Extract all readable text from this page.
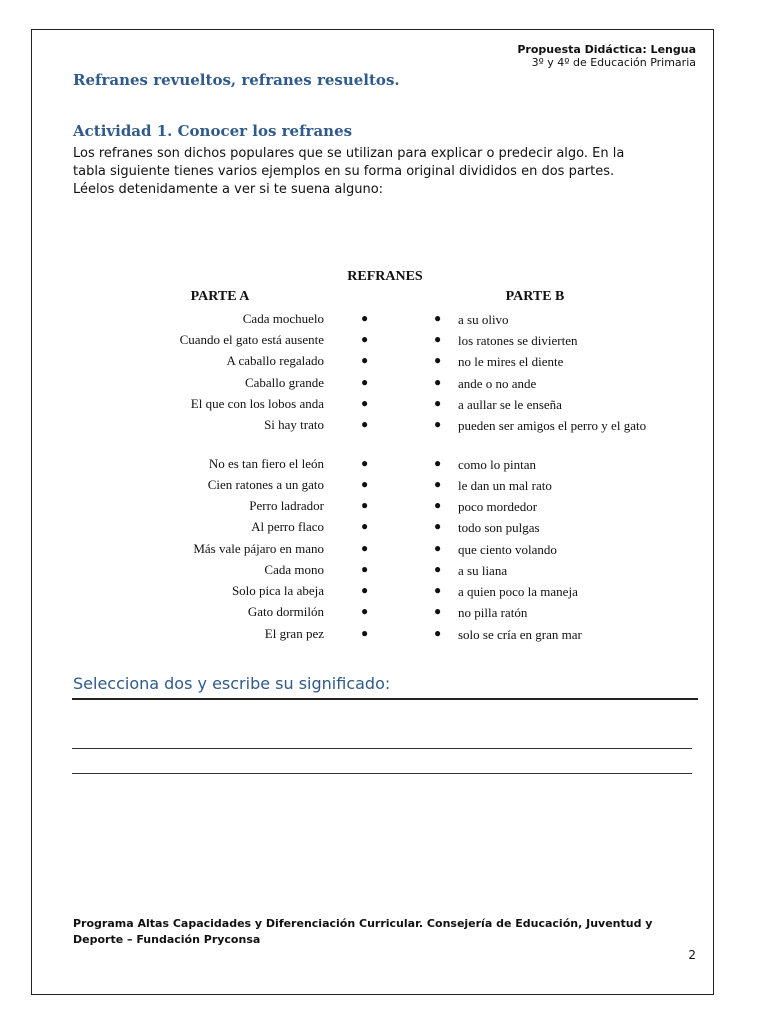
Propuesta Didáctica: Lengua
3º y 4º de Educación Primaria
Refranes revueltos, refranes resueltos.
Actividad 1. Conocer los refranes
Los refranes son dichos populares que se utilizan para explicar o predecir algo. En la
tabla siguiente tienes varios ejemplos en su forma original divididos en dos partes.
Léelos detenidamente a ver si te suena alguno:
REFRANES
PARTE A	PARTE B
Cada mochuelo	●	● a su olivo
Cuando el gato está ausente	●	● los ratones se divierten
A caballo regalado	●	● no le mires el diente
Caballo grande	●	● ande o no ande
El que con los lobos anda	●	● a aullar se le enseña
Si hay trato	●	● pueden ser amigos el perro y el gato
No es tan fiero el león	●	● como lo pintan
Cien ratones a un gato	●	● le dan un mal rato
Perro ladrador	●	● poco mordedor
Al perro flaco	●	● todo son pulgas
Más vale pájaro en mano	●	● que ciento volando
Cada mono	●	● a su liana
Solo pica la abeja	●	● a quien poco la maneja
Gato dormilón	●	● no pilla ratón
El gran pez	●	● solo se cría en gran mar
Selecciona dos y escribe su significado:
Programa Altas Capacidades y Diferenciación Curricular. Consejería de Educación, Juventud y Deporte – Fundación Pryconsa
2
